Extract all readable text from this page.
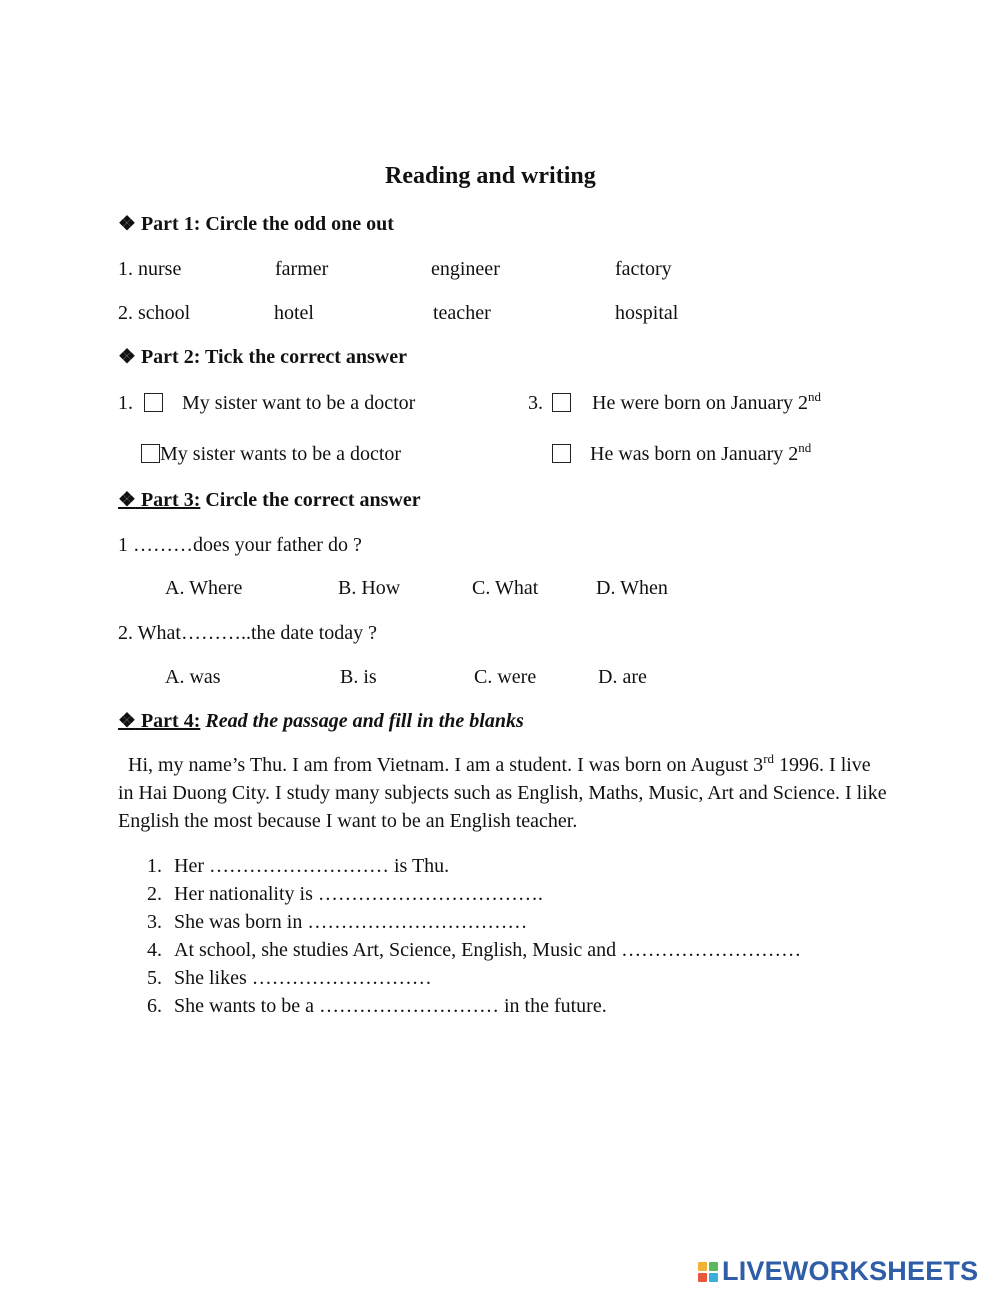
Reading and writing
❖ Part 1: Circle the odd one out
1. nurse	farmer	engineer	factory
2. school	hotel	teacher	hospital
❖ Part 2: Tick the correct answer
1. My sister want to be a doctor
My sister wants to be a doctor
3. He were born on January 2nd
He was born on January 2nd
❖ Part 3: Circle the correct answer
1 ………does your father do ?
A. Where	B. How	C. What	D. When
2. What………..the date today ?
A. was	B. is	C. were	D. are
❖ Part 4: Read the passage and fill in the blanks
Hi, my name’s Thu. I am from Vietnam. I am a student. I was born on August 3rd 1996. I live in Hai Duong City. I study many subjects such as English, Maths, Music, Art and Science. I like English the most because I want to be an English teacher.
1. Her ……………………… is Thu.
2. Her nationality is …………………………….
3. She was born in ……………………………
4. At school, she studies Art, Science, English, Music and ………………………
5. She likes ………………………
6. She wants to be a ……………………… in the future.
LIVEWORKSHEETS
